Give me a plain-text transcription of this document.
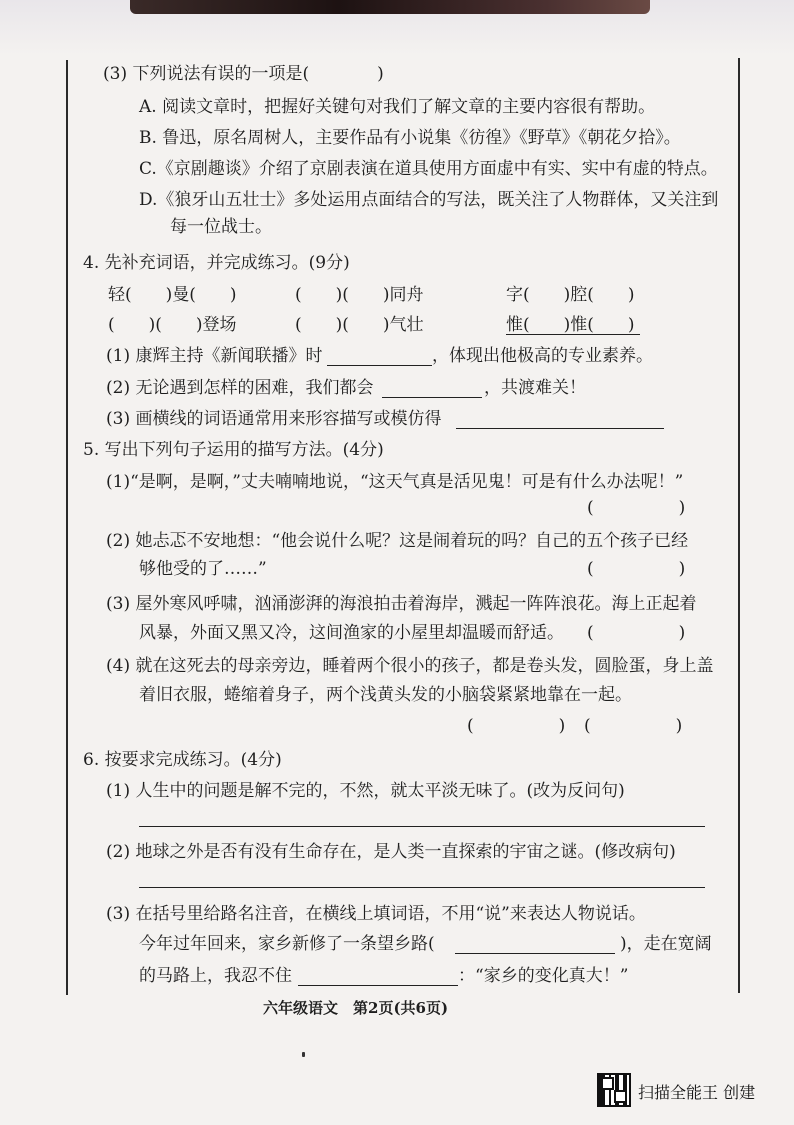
(3) 下列说法有误的一项是(　　　　)
A. 阅读文章时，把握好关键句对我们了解文章的主要内容很有帮助。
B. 鲁迅，原名周树人，主要作品有小说集《彷徨》《野草》《朝花夕拾》。
C.《京剧趣谈》介绍了京剧表演在道具使用方面虚中有实、实中有虚的特点。
D.《狼牙山五壮士》多处运用点面结合的写法，既关注了人物群体，又关注到
每一位战士。
4. 先补充词语，并完成练习。(9分)
轻(　　)曼(　　)	(　　)(　　)同舟	字(　　)腔(　　)
(　　)(　　)登场	(　　)(　　)气壮	惟(　　)惟(　　)
(1) 康辉主持《新闻联播》时	，体现出他极高的专业素养。
(2) 无论遇到怎样的困难，我们都会	，共渡难关！
(3) 画横线的词语通常用来形容描写或模仿得
5. 写出下列句子运用的描写方法。(4分)
(1)“是啊，是啊，”丈夫喃喃地说，“这天气真是活见鬼！可是有什么办法呢！”
(　　　　　)
(2) 她忐忑不安地想：“他会说什么呢？这是闹着玩的吗？自己的五个孩子已经
够他受的了……”	(　　　　　)
(3) 屋外寒风呼啸，汹涌澎湃的海浪拍击着海岸，溅起一阵阵浪花。海上正起着
风暴，外面又黑又冷，这间渔家的小屋里却温暖而舒适。 (　　　　　)
(4) 就在这死去的母亲旁边，睡着两个很小的孩子，都是卷头发，圆脸蛋，身上盖
着旧衣服，蜷缩着身子，两个浅黄头发的小脑袋紧紧地靠在一起。
(　　　　　) (　　　　　)
6. 按要求完成练习。(4分)
(1) 人生中的问题是解不完的，不然，就太平淡无味了。(改为反问句)
(2) 地球之外是否有没有生命存在，是人类一直探索的宇宙之谜。(修改病句)
(3) 在括号里给路名注音，在横线上填词语，不用“说”来表达人物说话。
今年过年回来，家乡新修了一条望乡路(	)，走在宽阔
的马路上，我忍不住	：“家乡的变化真大！”
六年级语文　第2页(共6页)
扫描全能王 创建
